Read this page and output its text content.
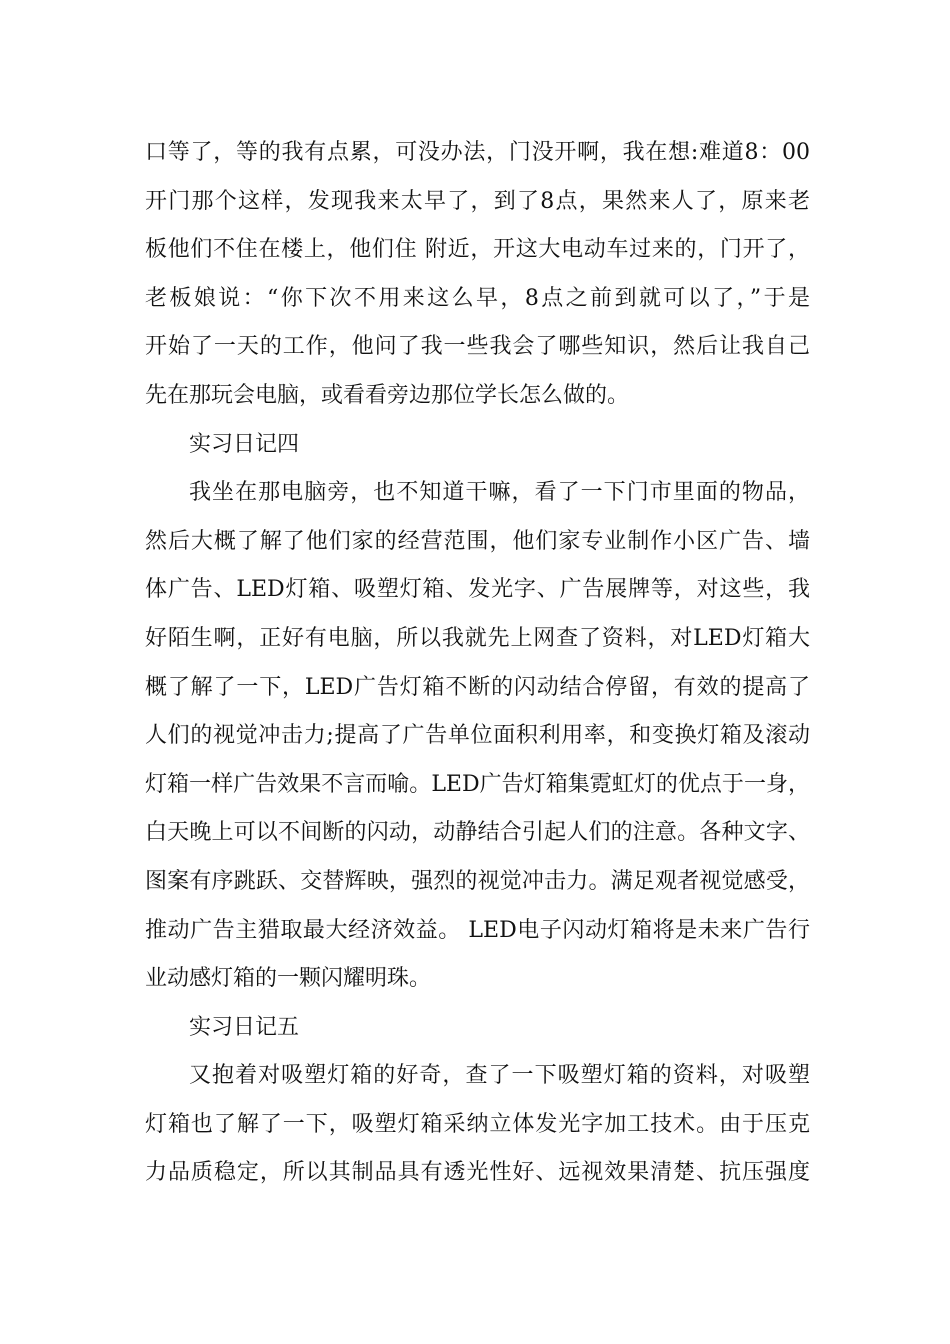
口等了，等的我有点累，可没办法，门没开啊，我在想:难道8：00
开门那个这样，发现我来太早了，到了8点，果然来人了，原来老
板他们不住在楼上，他们住 附近，开这大电动车过来的，门开了，
老板娘说：“你下次不用来这么早，8点之前到就可以了，”于是
开始了一天的工作，他问了我一些我会了哪些知识，然后让我自己
先在那玩会电脑，或看看旁边那位学长怎么做的。
实习日记四
我坐在那电脑旁，也不知道干嘛，看了一下门市里面的物品，
然后大概了解了他们家的经营范围，他们家专业制作小区广告、墙
体广告、LED灯箱、吸塑灯箱、发光字、广告展牌等，对这些，我
好陌生啊，正好有电脑，所以我就先上网查了资料，对LED灯箱大
概了解了一下，LED广告灯箱不断的闪动结合停留，有效的提高了
人们的视觉冲击力;提高了广告单位面积利用率，和变换灯箱及滚动
灯箱一样广告效果不言而喻。LED广告灯箱集霓虹灯的优点于一身，
白天晚上可以不间断的闪动，动静结合引起人们的注意。各种文字、
图案有序跳跃、交替辉映，强烈的视觉冲击力。满足观者视觉感受，
推动广告主猎取最大经济效益。 LED电子闪动灯箱将是未来广告行
业动感灯箱的一颗闪耀明珠。
实习日记五
又抱着对吸塑灯箱的好奇，查了一下吸塑灯箱的资料，对吸塑
灯箱也了解了一下，吸塑灯箱采纳立体发光字加工技术。由于压克
力品质稳定，所以其制品具有透光性好、远视效果清楚、抗压强度
